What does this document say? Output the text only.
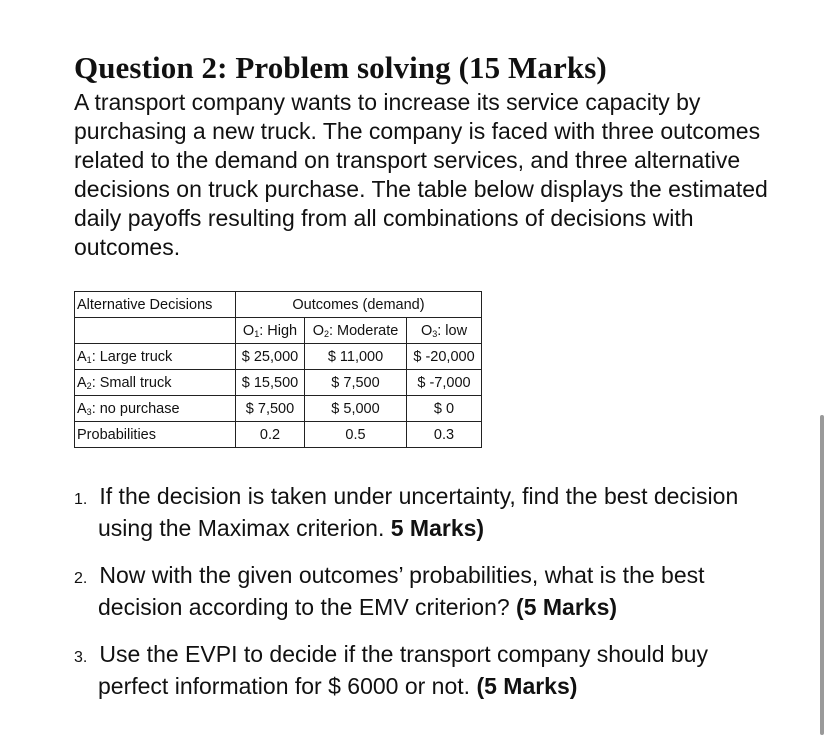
Question 2: Problem solving (15 Marks)

A transport company wants to increase its service capacity by purchasing a new truck. The company is faced with three outcomes related to the demand on transport services, and three alternative decisions on truck purchase. The table below displays the estimated daily payoffs resulting from all combinations of decisions with outcomes.

Alternative Decisions	Outcomes (demand)		
	$O_1$: High	$O_2$: Moderate	$O_3$: low
$A_1$: Large truck	$ 25,000	$ 11,000	$ -20,000
$A_2$: Small truck	$ 15,500	$ 7,500	$ -7,000
$A_3$: no purchase	$ 7,500	$ 5,000	$ 0
Probabilities	0.2	0.5	0.3
1. If the decision is taken under uncertainty, find the best decision using the Maximax criterion. 5 Marks)
2. Now with the given outcomes’ probabilities, what is the best decision according to the EMV criterion? (5 Marks)
3. Use the EVPI to decide if the transport company should buy perfect information for $ 6000 or not. (5 Marks)
